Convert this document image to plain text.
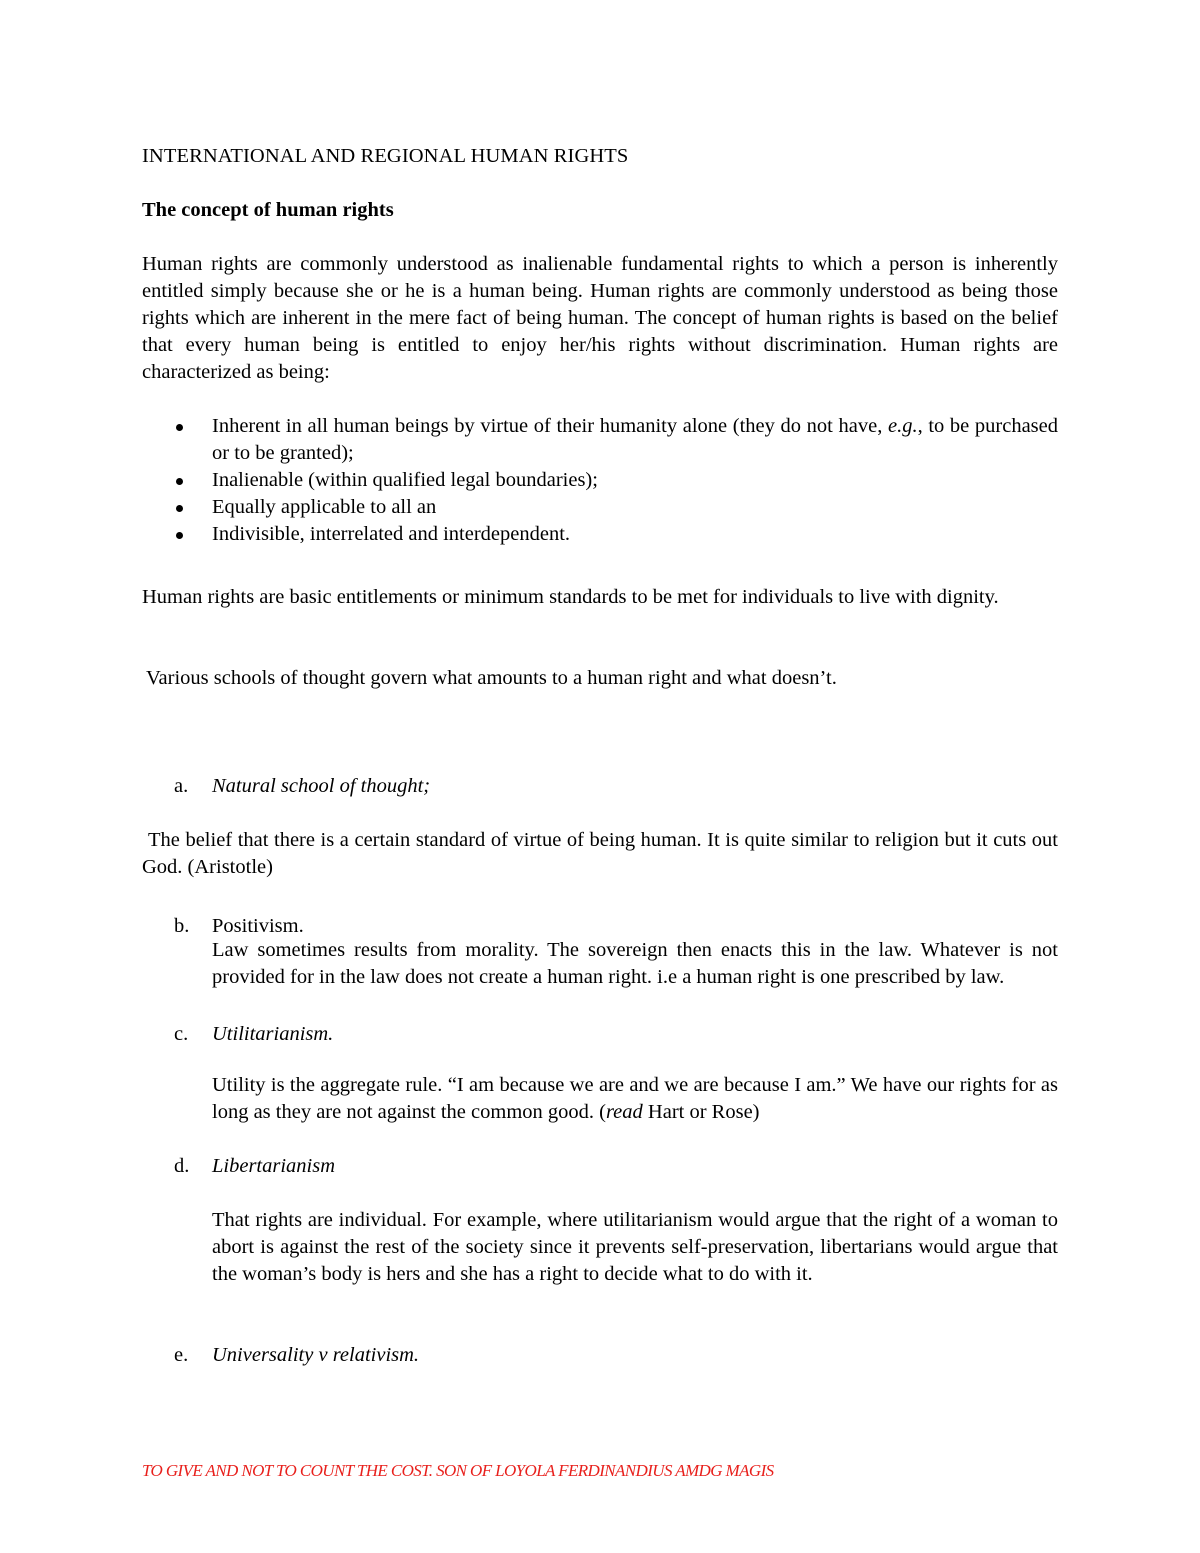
INTERNATIONAL AND REGIONAL HUMAN RIGHTS
The concept of human rights
Human rights are commonly understood as inalienable fundamental rights to which a person is inherently entitled simply because she or he is a human being. Human rights are commonly understood as being those rights which are inherent in the mere fact of being human. The concept of human rights is based on the belief that every human being is entitled to enjoy her/his rights without discrimination. Human rights are characterized as being:
Inherent in all human beings by virtue of their humanity alone (they do not have, e.g., to be purchased or to be granted);
Inalienable (within qualified legal boundaries);
Equally applicable to all an
Indivisible, interrelated and interdependent.
Human rights are basic entitlements or minimum standards to be met for individuals to live with dignity.
Various schools of thought govern what amounts to a human right and what doesn’t.
a. Natural school of thought;
The belief that there is a certain standard of virtue of being human. It is quite similar to religion but it cuts out God. (Aristotle)
b. Positivism.
Law sometimes results from morality. The sovereign then enacts this in the law. Whatever is not provided for in the law does not create a human right. i.e a human right is one prescribed by law.
c. Utilitarianism.
Utility is the aggregate rule. “I am because we are and we are because I am.” We have our rights for as long as they are not against the common good. (read Hart or Rose)
d. Libertarianism
That rights are individual. For example, where utilitarianism would argue that the right of a woman to abort is against the rest of the society since it prevents self-preservation, libertarians would argue that the woman’s body is hers and she has a right to decide what to do with it.
e. Universality v relativism.
TO GIVE AND NOT TO COUNT THE COST. SON OF LOYOLA FERDINANDIUS AMDG MAGIS
